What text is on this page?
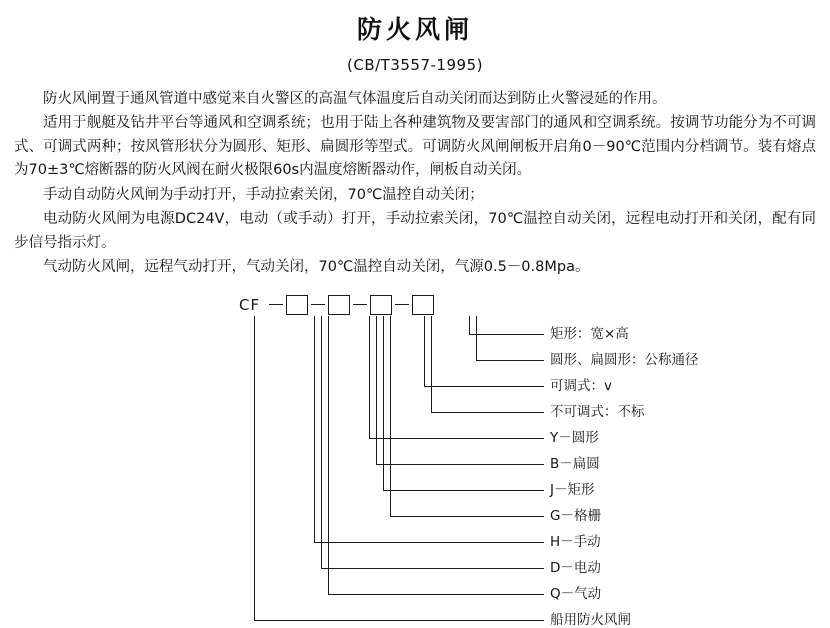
防火风闸
(CB/T3557-1995)

防火风闸置于通风管道中感觉来自火警区的高温气体温度后自动关闭而达到防止火警浸延的作用。

适用于舰艇及钻井平台等通风和空调系统；也用于陆上各种建筑物及要害部门的通风和空调系统。按调节功能分为不可调式、可调式两种；按风管形状分为圆形、矩形、扁圆形等型式。可调防火风闸闸板开启角0－90℃范围内分档调节。装有熔点为70±3℃熔断器的防火风阀在耐火极限60s内温度熔断器动作，闸板自动关闭。

手动自动防火风闸为手动打开，手动拉索关闭，70℃温控自动关闭；

电动防火风闸为电源DC24V，电动（或手动）打开，手动拉索关闭，70℃温控自动关闭，远程电动打开和关闭，配有同步信号指示灯。

气动防火风闸，远程气动打开，气动关闭，70℃温控自动关闭，气源0.5－0.8Mpa。

CF
矩形：宽×高
圆形、扁圆形：公称通径
可调式：v
不可调式：不标
Y－圆形
B－扁圆
J－矩形
G－格栅
H－手动
D－电动
Q－气动
船用防火风闸
